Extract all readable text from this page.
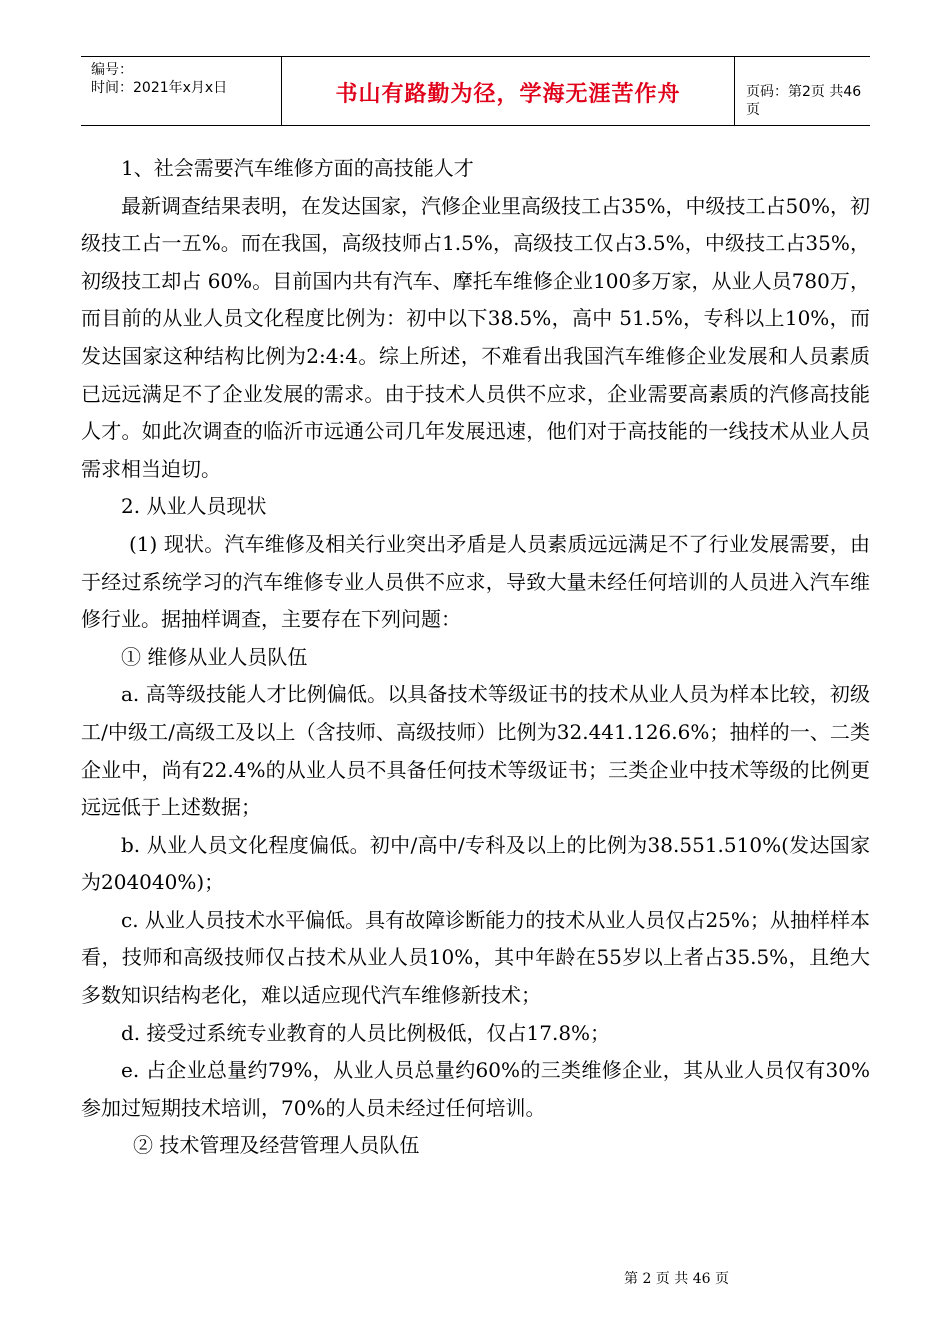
编号：
时间：2021年x月x日	书山有路勤为径，学海无涯苦作舟	页码：第2页 共46页

1、社会需要汽车维修方面的高技能人才

最新调查结果表明，在发达国家，汽修企业里高级技工占35%，中级技工占50%，初级技工占一五%。而在我国，高级技师占1.5%，高级技工仅占3.5%，中级技工占35%，初级技工却占 60%。目前国内共有汽车、摩托车维修企业100多万家，从业人员780万，而目前的从业人员文化程度比例为：初中以下38.5%，高中 51.5%，专科以上10%，而发达国家这种结构比例为2:4:4。综上所述，不难看出我国汽车维修企业发展和人员素质已远远满足不了企业发展的需求。由于技术人员供不应求，企业需要高素质的汽修高技能人才。如此次调查的临沂市远通公司几年发展迅速，他们对于高技能的一线技术从业人员需求相当迫切。

2. 从业人员现状

(1) 现状。汽车维修及相关行业突出矛盾是人员素质远远满足不了行业发展需要，由于经过系统学习的汽车维修专业人员供不应求，导致大量未经任何培训的人员进入汽车维修行业。据抽样调查，主要存在下列问题：

① 维修从业人员队伍

a. 高等级技能人才比例偏低。以具备技术等级证书的技术从业人员为样本比较，初级工/中级工/高级工及以上（含技师、高级技师）比例为32.441.126.6%；抽样的一、二类企业中，尚有22.4%的从业人员不具备任何技术等级证书；三类企业中技术等级的比例更远远低于上述数据；

b. 从业人员文化程度偏低。初中/高中/专科及以上的比例为38.551.510%(发达国家为204040%)；

c. 从业人员技术水平偏低。具有故障诊断能力的技术从业人员仅占25%；从抽样样本看，技师和高级技师仅占技术从业人员10%，其中年龄在55岁以上者占35.5%，且绝大多数知识结构老化，难以适应现代汽车维修新技术；

d. 接受过系统专业教育的人员比例极低，仅占17.8%；

e. 占企业总量约79%，从业人员总量约60%的三类维修企业，其从业人员仅有30%参加过短期技术培训，70%的人员未经过任何培训。

② 技术管理及经营管理人员队伍

第 2 页 共 46 页
